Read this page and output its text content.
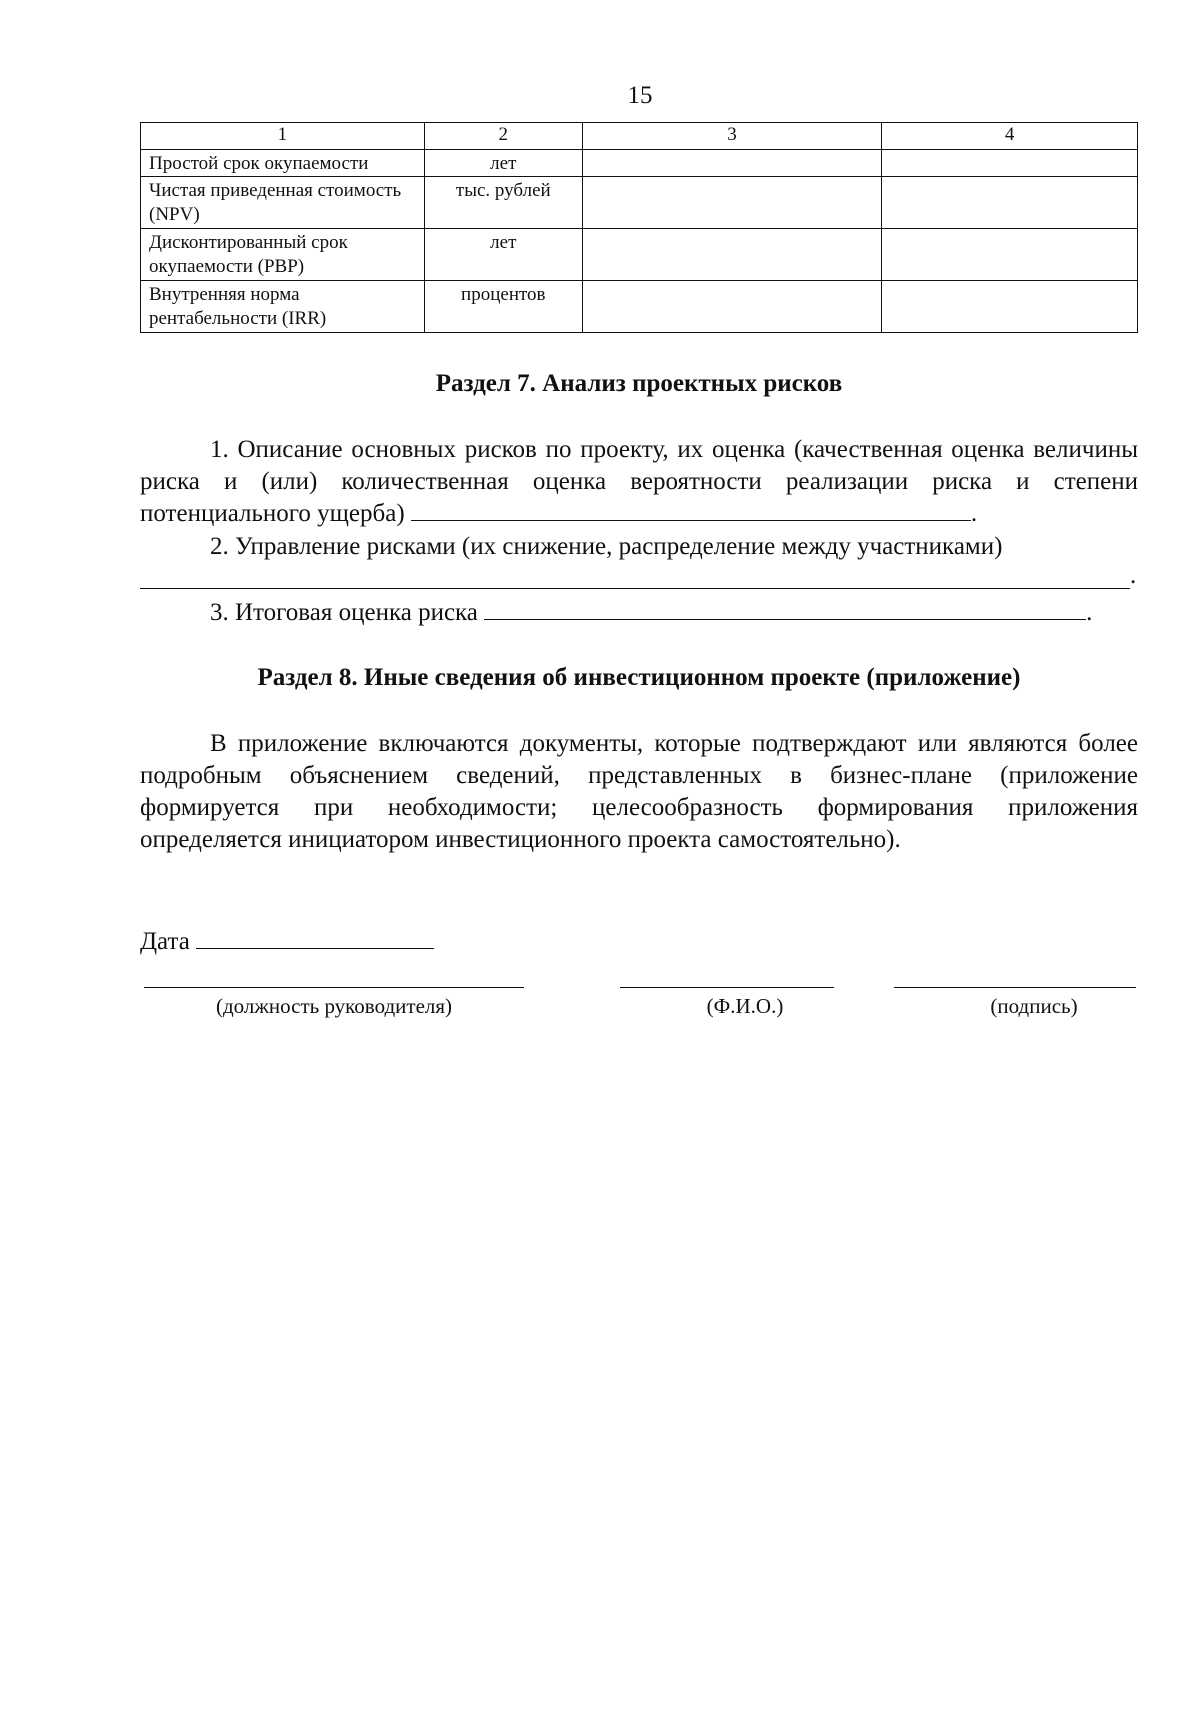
15
1	2	3	4
Простой срок окупаемости	лет		
Чистая приведенная стоимость (NPV)	тыс. рублей		
Дисконтированный срок окупаемости (PBP)	лет		
Внутренняя норма рентабельности (IRR)	процентов		
Раздел 7. Анализ проектных рисков
1. Описание основных рисков по проекту, их оценка (качественная оценка величины риска и (или) количественная оценка вероятности реализации риска и степени потенциального ущерба)	.
2. Управление рисками (их снижение, распределение между участниками)
.
3. Итоговая оценка риска	.
Раздел 8. Иные сведения об инвестиционном проекте (приложение)
В приложение включаются документы, которые подтверждают или являются более подробным объяснением сведений, представленных в бизнес-плане (приложение формируется при необходимости; целесообразность формирования приложения определяется инициатором инвестиционного проекта самостоятельно).
Дата
(должность руководителя)	(Ф.И.О.)	(подпись)
